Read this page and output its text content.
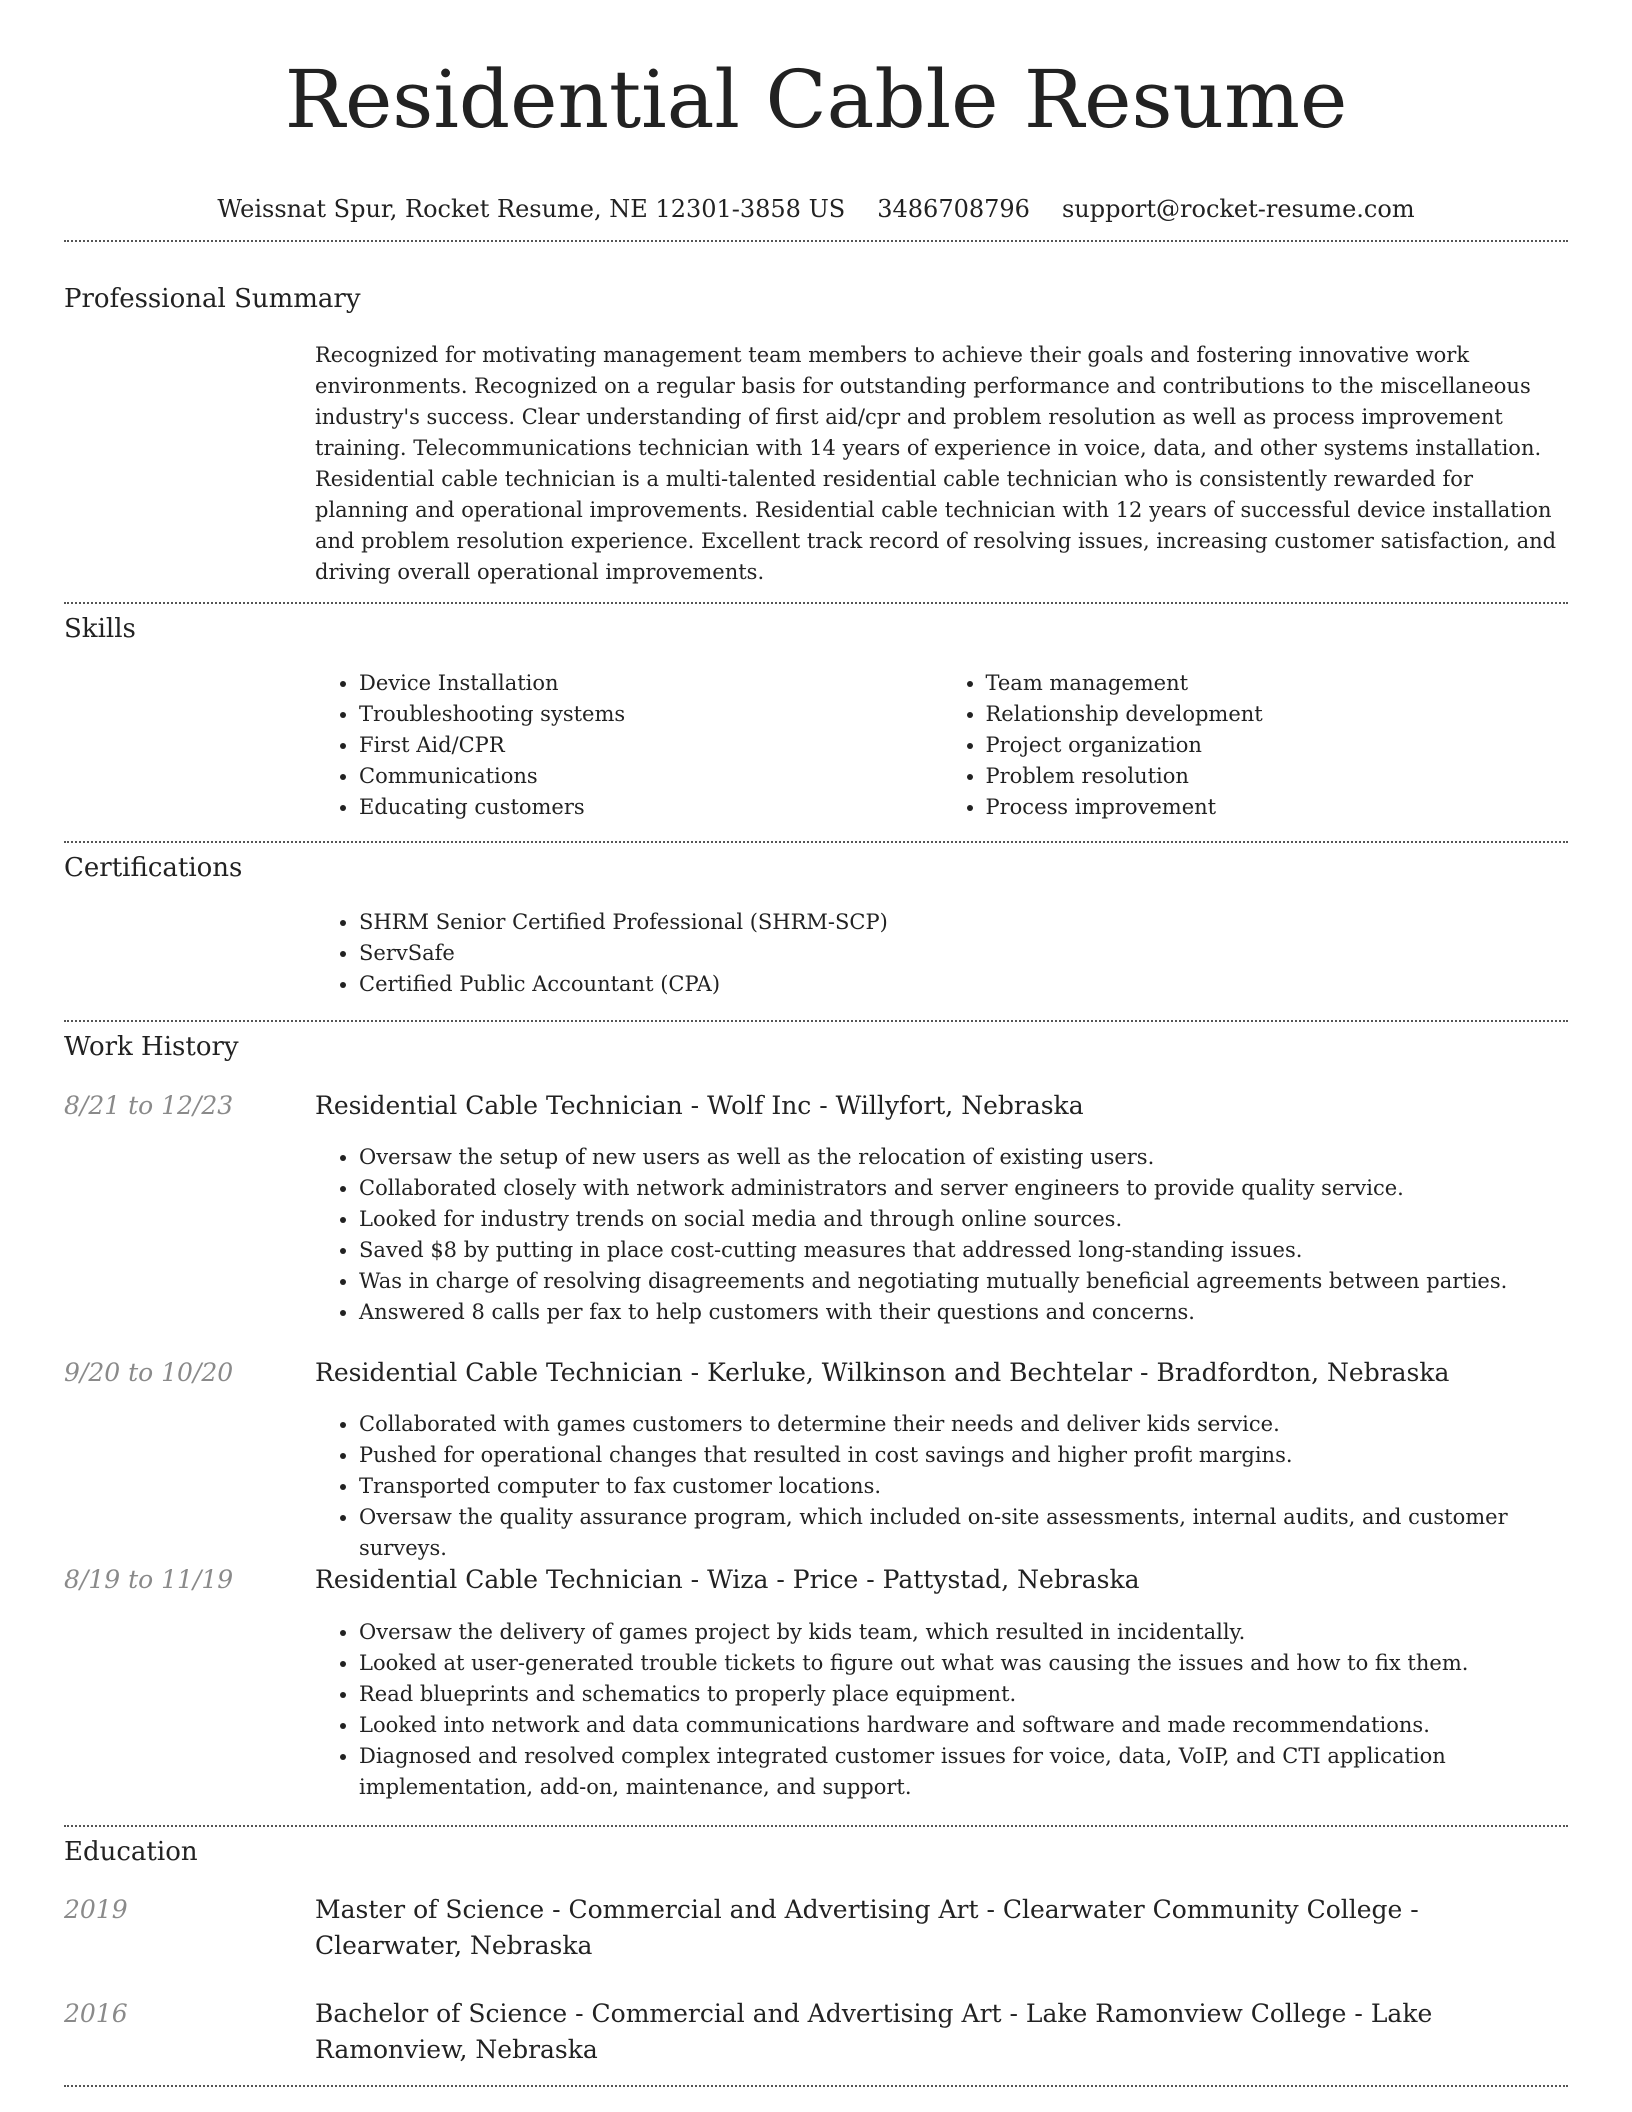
Residential Cable Resume
Weissnat Spur, Rocket Resume, NE 12301-3858 US 3486708796 support@rocket-resume.com
Professional Summary

Recognized for motivating management team members to achieve their goals and fostering innovative work environments. Recognized on a regular basis for outstanding performance and contributions to the miscellaneous industry's success. Clear understanding of first aid/cpr and problem resolution as well as process improvement training. Telecommunications technician with 14 years of experience in voice, data, and other systems installation. Residential cable technician is a multi-talented residential cable technician who is consistently rewarded for planning and operational improvements. Residential cable technician with 12 years of successful device installation and problem resolution experience. Excellent track record of resolving issues, increasing customer satisfaction, and driving overall operational improvements.

Skills
• Device Installation
• Troubleshooting systems
• First Aid/CPR
• Communications
• Educating customers
• Team management
• Relationship development
• Project organization
• Problem resolution
• Process improvement
Certifications
• SHRM Senior Certified Professional (SHRM-SCP)
• ServSafe
• Certified Public Accountant (CPA)
Work History
8/21 to 12/23	Residential Cable Technician - Wolf Inc - Willyfort, Nebraska
• Oversaw the setup of new users as well as the relocation of existing users.
• Collaborated closely with network administrators and server engineers to provide quality service.
• Looked for industry trends on social media and through online sources.
• Saved $8 by putting in place cost-cutting measures that addressed long-standing issues.
• Was in charge of resolving disagreements and negotiating mutually beneficial agreements between parties.
• Answered 8 calls per fax to help customers with their questions and concerns.
9/20 to 10/20	Residential Cable Technician - Kerluke, Wilkinson and Bechtelar - Bradfordton, Nebraska
• Collaborated with games customers to determine their needs and deliver kids service.
• Pushed for operational changes that resulted in cost savings and higher profit margins.
• Transported computer to fax customer locations.
• Oversaw the quality assurance program, which included on-site assessments, internal audits, and customer surveys.
8/19 to 11/19	Residential Cable Technician - Wiza - Price - Pattystad, Nebraska
• Oversaw the delivery of games project by kids team, which resulted in incidentally.
• Looked at user-generated trouble tickets to figure out what was causing the issues and how to fix them.
• Read blueprints and schematics to properly place equipment.
• Looked into network and data communications hardware and software and made recommendations.
• Diagnosed and resolved complex integrated customer issues for voice, data, VoIP, and CTI application implementation, add-on, maintenance, and support.
Education
2019	Master of Science - Commercial and Advertising Art - Clearwater Community College - Clearwater, Nebraska
2016	Bachelor of Science - Commercial and Advertising Art - Lake Ramonview College - Lake Ramonview, Nebraska
